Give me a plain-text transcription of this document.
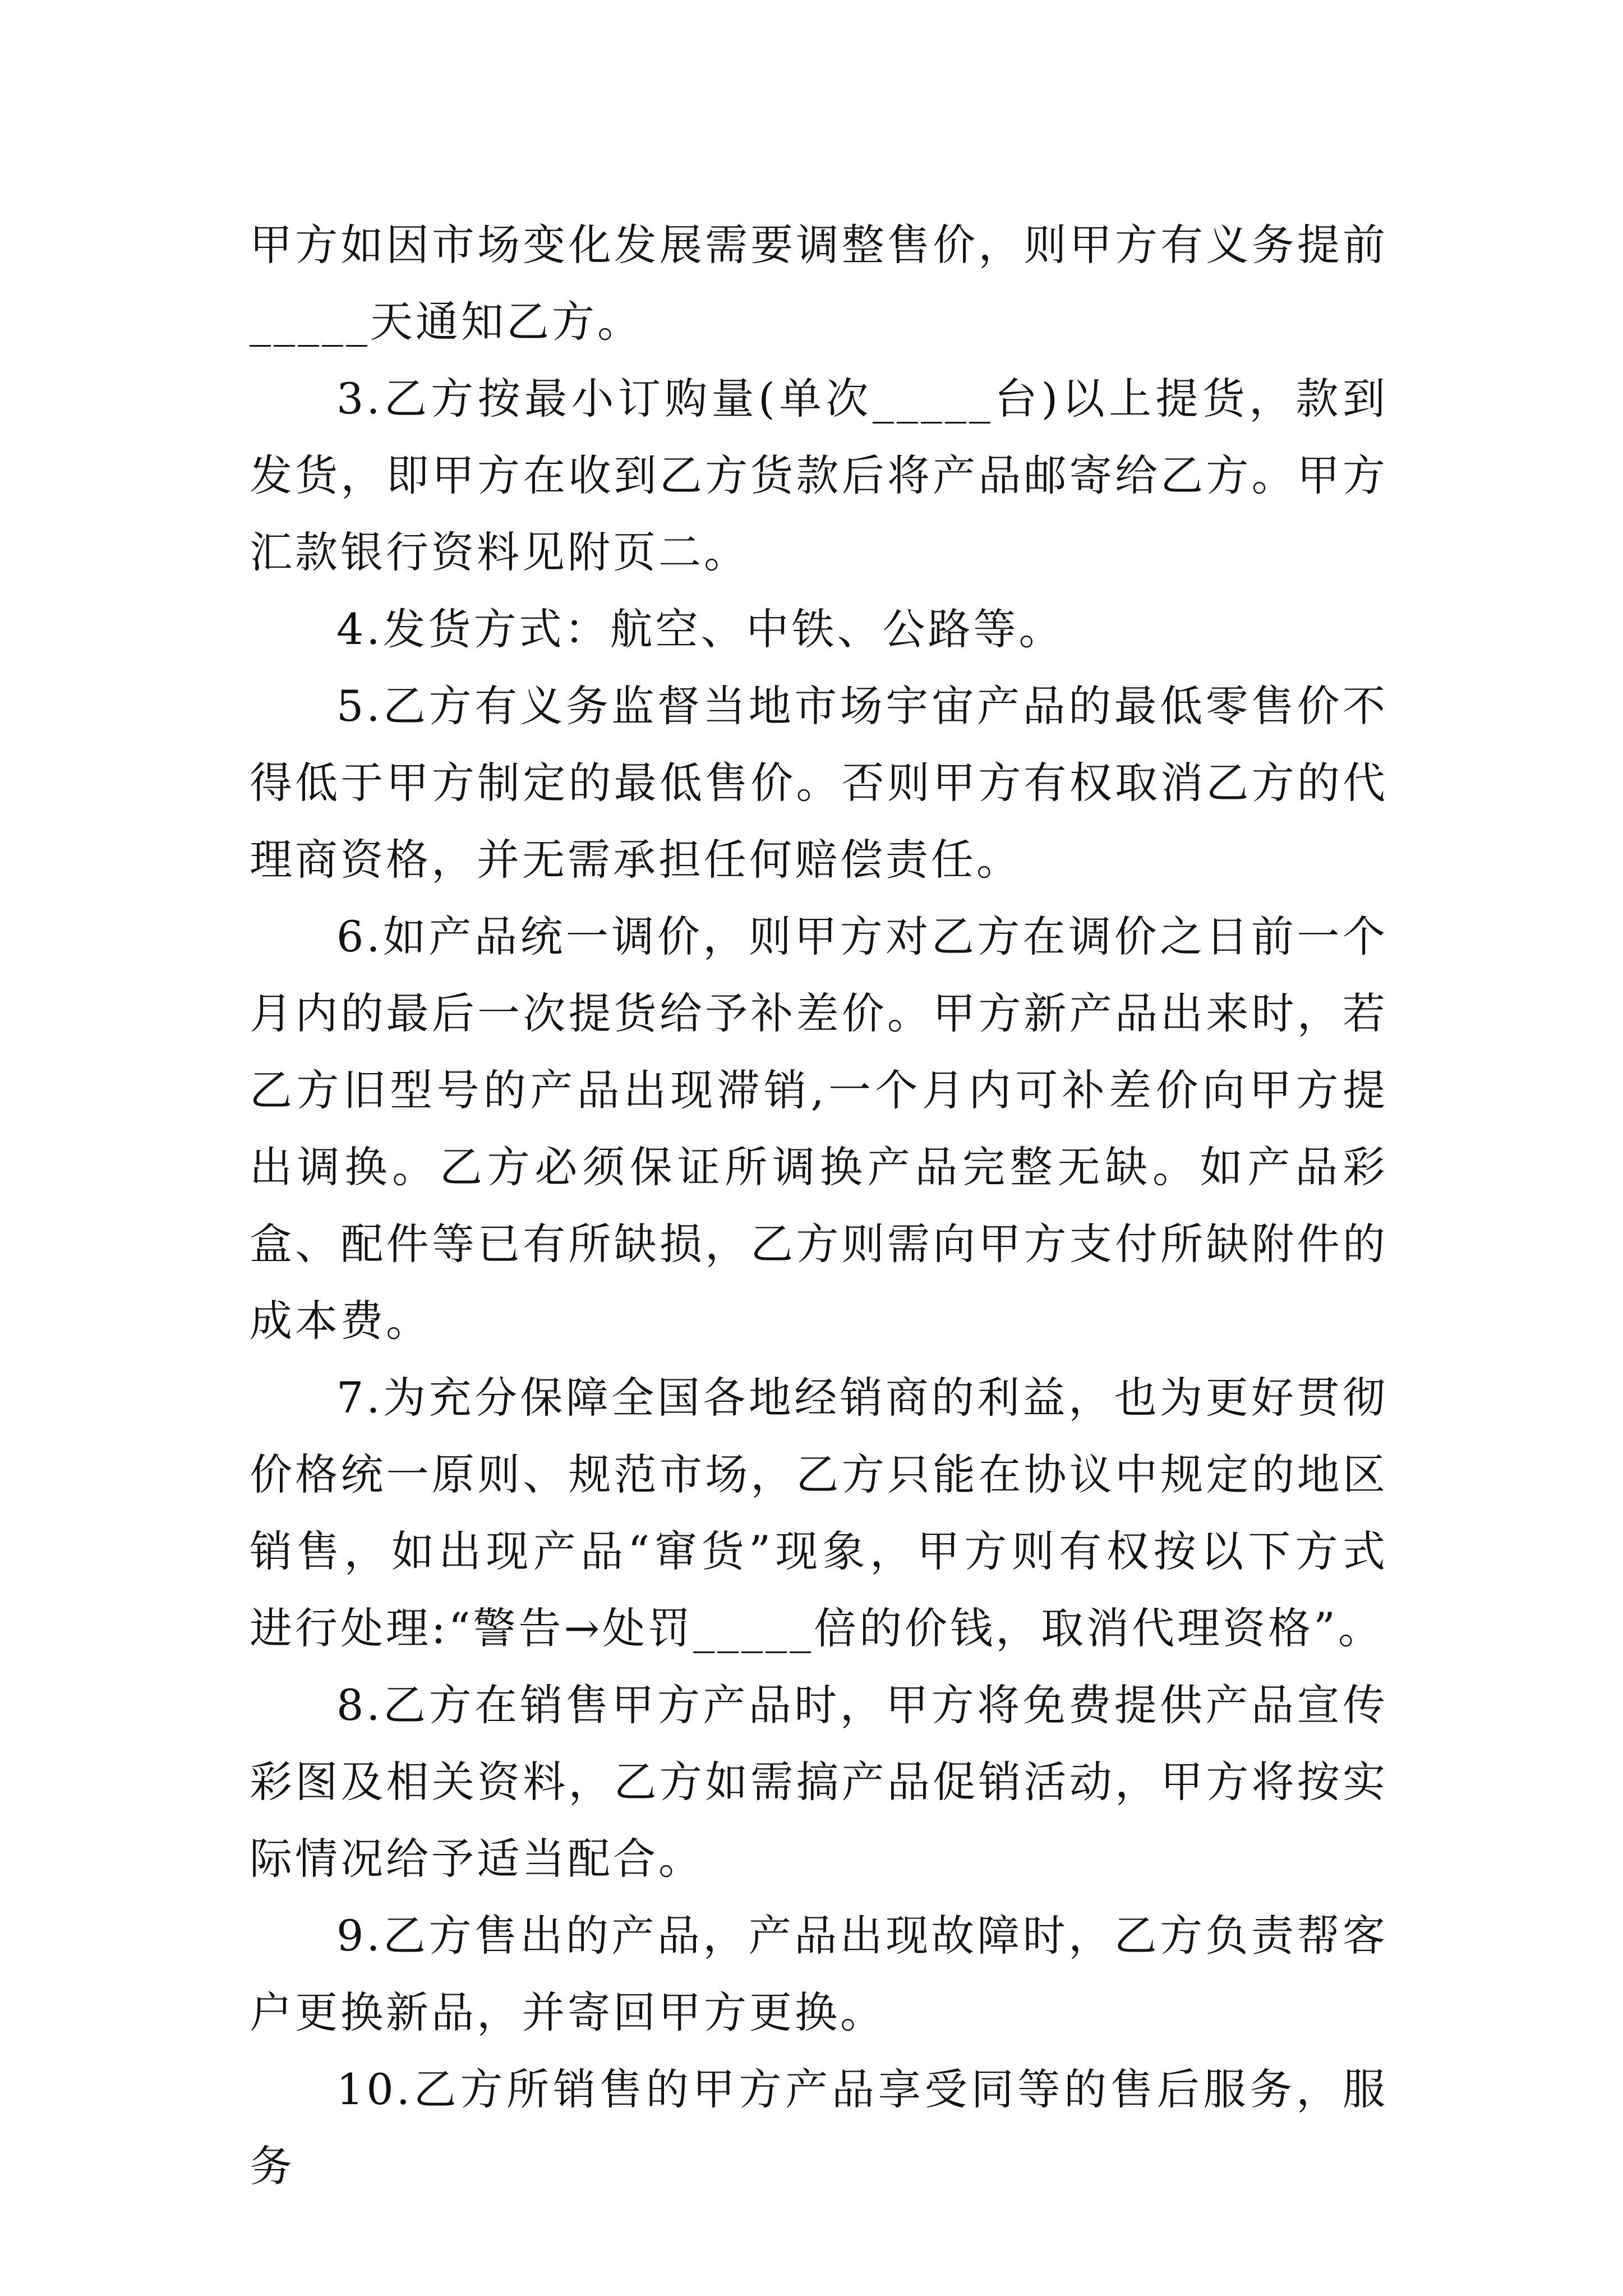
甲方如因市场变化发展需要调整售价，则甲方有义务提前_____天通知乙方。

3.乙方按最小订购量(单次_____台)以上提货，款到发货，即甲方在收到乙方货款后将产品邮寄给乙方。甲方汇款银行资料见附页二。

4.发货方式：航空、中铁、公路等。

5.乙方有义务监督当地市场宇宙产品的最低零售价不得低于甲方制定的最低售价。否则甲方有权取消乙方的代理商资格，并无需承担任何赔偿责任。

6.如产品统一调价，则甲方对乙方在调价之日前一个月内的最后一次提货给予补差价。甲方新产品出来时，若乙方旧型号的产品出现滞销,一个月内可补差价向甲方提出调换。乙方必须保证所调换产品完整无缺。如产品彩盒、配件等已有所缺损，乙方则需向甲方支付所缺附件的成本费。

7.为充分保障全国各地经销商的利益，也为更好贯彻价格统一原则、规范市场，乙方只能在协议中规定的地区销售，如出现产品“窜货”现象，甲方则有权按以下方式进行处理:“警告→处罚_____倍的价钱，取消代理资格”。

8.乙方在销售甲方产品时，甲方将免费提供产品宣传彩图及相关资料，乙方如需搞产品促销活动，甲方将按实际情况给予适当配合。

9.乙方售出的产品，产品出现故障时，乙方负责帮客户更换新品，并寄回甲方更换。

10.乙方所销售的甲方产品享受同等的售后服务，服务
